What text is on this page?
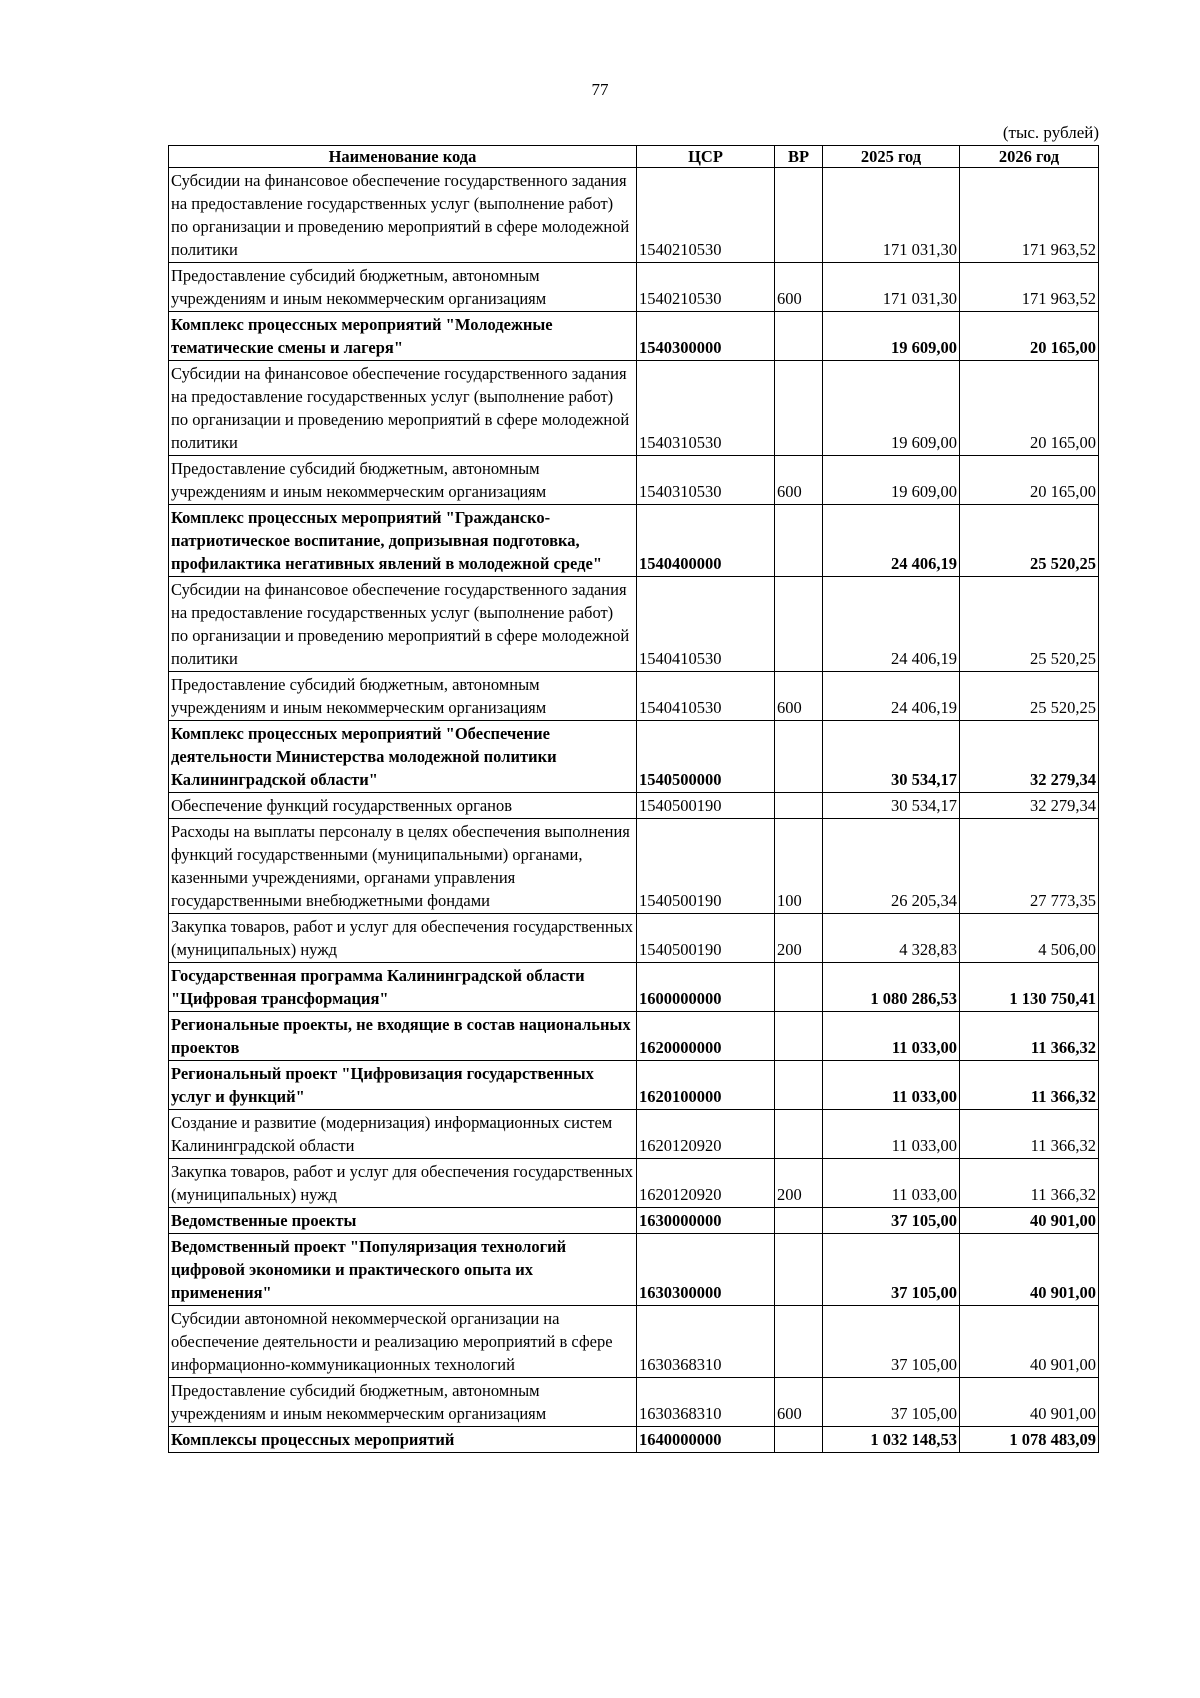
77
(тыс. рублей)
Наименование кода	ЦСР	ВР	2025 год	2026 год
Субсидии на финансовое обеспечение государственного задания на предоставление государственных услуг (выполнение работ) по организации и проведению мероприятий в сфере молодежной политики	1540210530		171 031,30	171 963,52
Предоставление субсидий бюджетным, автономным учреждениям и иным некоммерческим организациям	1540210530	600	171 031,30	171 963,52
Комплекс процессных мероприятий "Молодежные тематические смены и лагеря"	1540300000		19 609,00	20 165,00
Субсидии на финансовое обеспечение государственного задания на предоставление государственных услуг (выполнение работ) по организации и проведению мероприятий в сфере молодежной политики	1540310530		19 609,00	20 165,00
Предоставление субсидий бюджетным, автономным учреждениям и иным некоммерческим организациям	1540310530	600	19 609,00	20 165,00
Комплекс процессных мероприятий "Гражданско-патриотическое воспитание, допризывная подготовка, профилактика негативных явлений в молодежной среде"	1540400000		24 406,19	25 520,25
Субсидии на финансовое обеспечение государственного задания на предоставление государственных услуг (выполнение работ) по организации и проведению мероприятий в сфере молодежной политики	1540410530		24 406,19	25 520,25
Предоставление субсидий бюджетным, автономным учреждениям и иным некоммерческим организациям	1540410530	600	24 406,19	25 520,25
Комплекс процессных мероприятий "Обеспечение деятельности Министерства молодежной политики Калининградской области"	1540500000		30 534,17	32 279,34
Обеспечение функций государственных органов	1540500190		30 534,17	32 279,34
Расходы на выплаты персоналу в целях обеспечения выполнения функций государственными (муниципальными) органами, казенными учреждениями, органами управления государственными внебюджетными фондами	1540500190	100	26 205,34	27 773,35
Закупка товаров, работ и услуг для обеспечения государственных (муниципальных) нужд	1540500190	200	4 328,83	4 506,00
Государственная программа Калининградской области "Цифровая трансформация"	1600000000		1 080 286,53	1 130 750,41
Региональные проекты, не входящие в состав национальных проектов	1620000000		11 033,00	11 366,32
Региональный проект "Цифровизация государственных услуг и функций"	1620100000		11 033,00	11 366,32
Создание и развитие (модернизация) информационных систем Калининградской области	1620120920		11 033,00	11 366,32
Закупка товаров, работ и услуг для обеспечения государственных (муниципальных) нужд	1620120920	200	11 033,00	11 366,32
Ведомственные проекты	1630000000		37 105,00	40 901,00
Ведомственный проект "Популяризация технологий цифровой экономики и практического опыта их применения"	1630300000		37 105,00	40 901,00
Субсидии автономной некоммерческой организации на обеспечение деятельности и реализацию мероприятий в сфере информационно-коммуникационных технологий	1630368310		37 105,00	40 901,00
Предоставление субсидий бюджетным, автономным учреждениям и иным некоммерческим организациям	1630368310	600	37 105,00	40 901,00
Комплексы процессных мероприятий	1640000000		1 032 148,53	1 078 483,09
